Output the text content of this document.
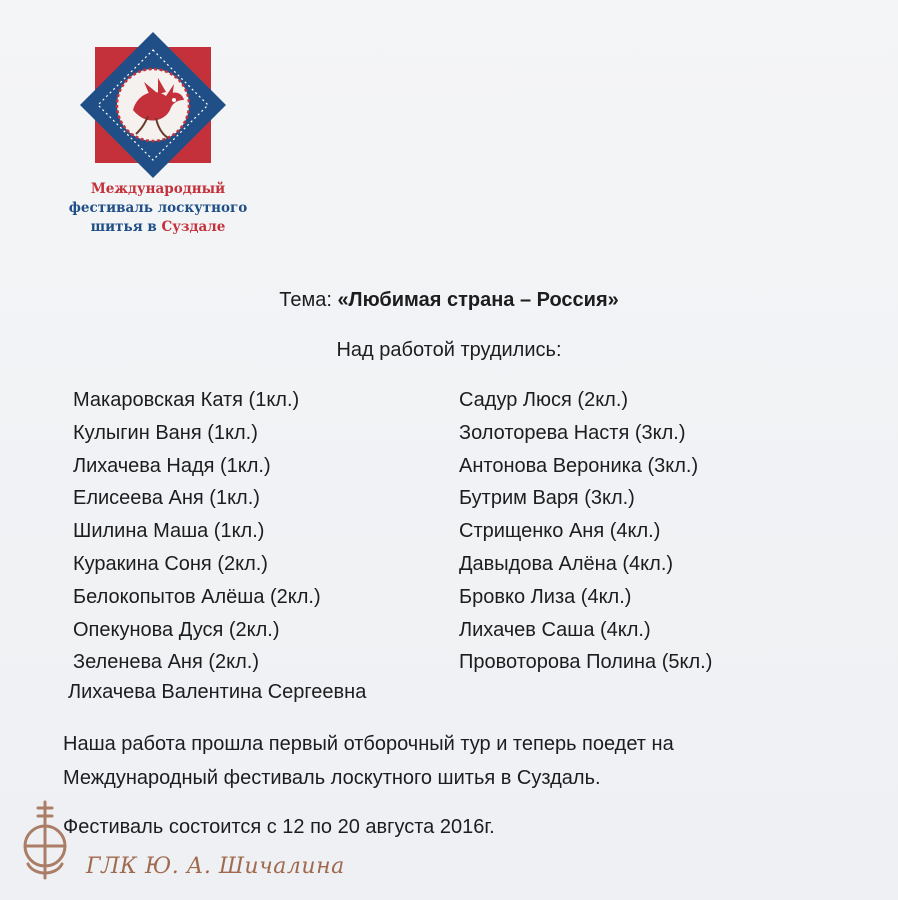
Международный
фестиваль лоскутного
шитья в Суздале
Тема: «Любимая страна – Россия»
Над работой трудились:
Макаровская Катя (1кл.)
Кулыгин Ваня (1кл.)
Лихачева Надя (1кл.)
Елисеева Аня (1кл.)
Шилина Маша (1кл.)
Куракина Соня (2кл.)
Белокопытов Алёша (2кл.)
Опекунова Дуся (2кл.)
Зеленева Аня (2кл.)
Садур Люся (2кл.)
Золоторева Настя (3кл.)
Антонова Вероника (3кл.)
Бутрим Варя (3кл.)
Стрищенко Аня (4кл.)
Давыдова Алёна (4кл.)
Бровко Лиза (4кл.)
Лихачев Саша (4кл.)
Провоторова Полина (5кл.)
Лихачева Валентина Сергеевна
Наша работа прошла первый отборочный тур и теперь поедет на
Международный фестиваль лоскутного шитья в Суздаль.
Фестиваль состоится с 12 по 20 августа 2016г.
ГЛК Ю. А. Шичалина
